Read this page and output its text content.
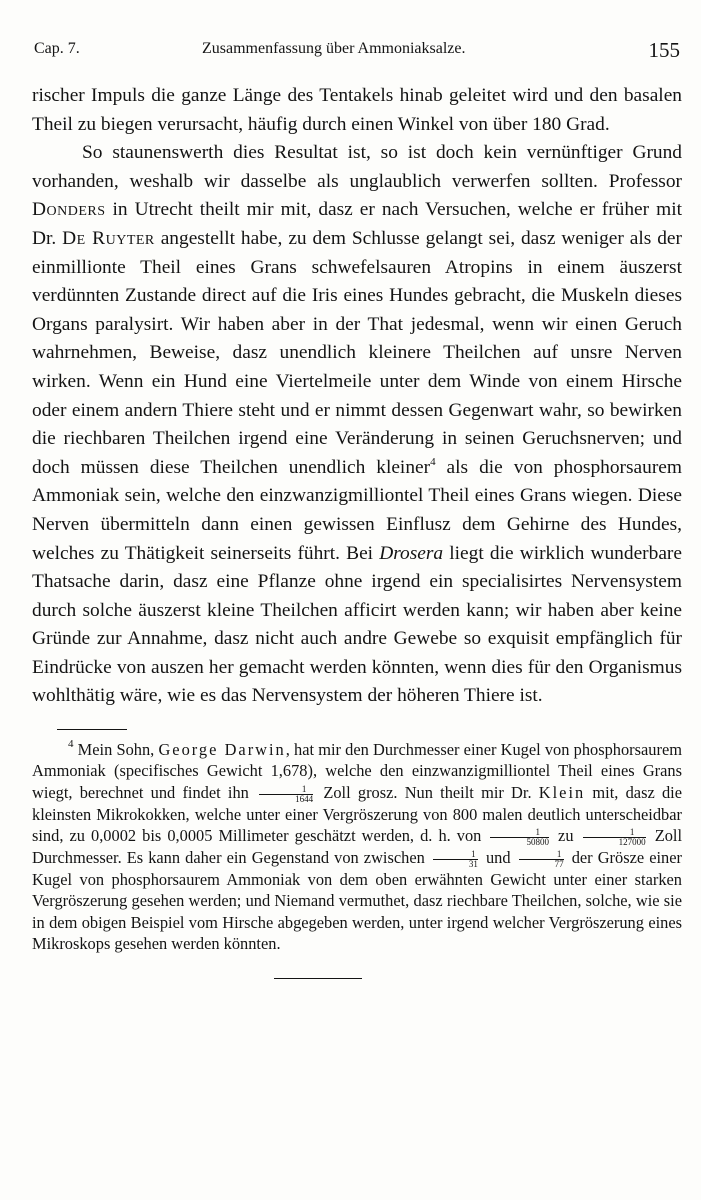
Cap. 7.	Zusammenfassung über Ammoniaksalze.	155

rischer Impuls die ganze Länge des Tentakels hinab geleitet wird und den basalen Theil zu biegen verursacht, häufig durch einen Winkel von über 180 Grad.

So staunenswerth dies Resultat ist, so ist doch kein vernünftiger Grund vorhanden, weshalb wir dasselbe als unglaublich verwerfen sollten. Professor Donders in Utrecht theilt mir mit, dasz er nach Versuchen, welche er früher mit Dr. De Ruyter angestellt habe, zu dem Schlusse gelangt sei, dasz weniger als der einmillionte Theil eines Grans schwefelsauren Atropins in einem äuszerst verdünnten Zustande direct auf die Iris eines Hundes gebracht, die Muskeln dieses Organs paralysirt. Wir haben aber in der That jedesmal, wenn wir einen Geruch wahrnehmen, Beweise, dasz unendlich kleinere Theilchen auf unsre Nerven wirken. Wenn ein Hund eine Viertelmeile unter dem Winde von einem Hirsche oder einem andern Thiere steht und er nimmt dessen Gegenwart wahr, so bewirken die riechbaren Theilchen irgend eine Veränderung in seinen Geruchsnerven; und doch müssen diese Theilchen unendlich kleiner$^4$ als die von phosphorsaurem Ammoniak sein, welche den einzwanzigmilliontel Theil eines Grans wiegen. Diese Nerven übermitteln dann einen gewissen Einflusz dem Gehirne des Hundes, welches zu Thätigkeit seinerseits führt. Bei Drosera liegt die wirklich wunderbare Thatsache darin, dasz eine Pflanze ohne irgend ein specialisirtes Nervensystem durch solche äuszerst kleine Theilchen afficirt werden kann; wir haben aber keine Gründe zur Annahme, dasz nicht auch andre Gewebe so exquisit empfänglich für Eindrücke von auszen her gemacht werden könnten, wenn dies für den Organismus wohlthätig wäre, wie es das Nervensystem der höheren Thiere ist.

$^4$ Mein Sohn, George Darwin, hat mir den Durchmesser einer Kugel von phosphorsaurem Ammoniak (specifisches Gewicht 1,678), welche den einzwanzigmilliontel Theil eines Grans wiegt, berechnet und findet ihn $\frac{1}{1644}$ Zoll grosz. Nun theilt mir Dr. Klein mit, dasz die kleinsten Mikrokokken, welche unter einer Vergröszerung von 800 malen deutlich unterscheidbar sind, zu 0,0002 bis 0,0005 Millimeter geschätzt werden, d. h. von $\frac{1}{50800}$ zu $\frac{1}{127000}$ Zoll Durchmesser. Es kann daher ein Gegenstand von zwischen $\frac{1}{31}$ und $\frac{1}{77}$ der Grösze einer Kugel von phosphorsaurem Ammoniak von dem oben erwähnten Gewicht unter einer starken Vergröszerung gesehen werden; und Niemand vermuthet, dasz riechbare Theilchen, solche, wie sie in dem obigen Beispiel vom Hirsche abgegeben werden, unter irgend welcher Vergröszerung eines Mikroskops gesehen werden könnten.
